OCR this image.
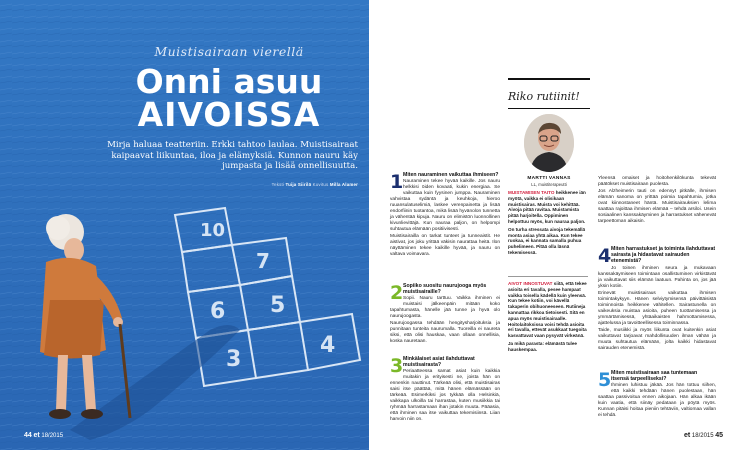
10
7
6 5
4
3
Muistisairaan vierellä
Onni asuu
AIVOISSA
Mirja haluaa teatteriin. Erkki tahtoo laulaa. Muistisairaat kaipaavat liikuntaa, iloa ja elämyksiä. Kunnon nauru käy jumpasta ja lisää onnellisuutta.
Teksti Tuija Siirilä Kuvitus Milla Alamer
44 et 18/2015
1 Miten nauraminen vaikuttaa ihmiseen?
Nauraminen tekee hyvää kaikille. Jos nauru helkkisi öiden kovaati, kukin energiaa. Se vaikuttaa kuin fyysinen jumppa. Nauraminen vahvistaa sydäntä ja keuhkoja, hieroo ruuansulatuselimiä, laskee verenpainetta ja lisää endorfiinin tuotantoa, mikä lisää hyvänolon tunnetta ja vähentää kipuja. Nauru on elimistön luonnollinen kivunlievittäjä. Kun nauraa paljon, on helpompi suhtautua elämään positiivisesti.
Muistisairailla on tarkat tunteet ja tunneaistit. He aistivat, jos joku yrittää väkisin naurattaa heitä. Ilon näyttäminen tekee kaikille hyvää, ja nauru on valtava voimavara.
2 Sopiiko suositu naurujooga myös muistisairaille?
Sopii. Nauru tarttuu. Vaikka ihminen ei muistaisi jälkeenpäin mitään koko tapahtumasta, hänelle jää tunne ja hyvä olo naurujoogasta.
Naurujoogassa tehdään hengitysharjoituksia ja punnitaan tunteita naurumalla. Tuoreilla ei naureta siksi, että olisi hauskaa, vaan ollaan onnellisia, koska nauretaan.
3 Minkälaiset asiat ilahduttavat muistisairasta?
Periaatteessa samat asiat kuin kaikkia muitakin ja erityisesti ne, joista hän on ennenkin nauttinut. Tärkeää olisi, että muistisairas saisi itse päättää, mitä hänen elämässään on tärkeää. Esimerkiksi jos tykkää olla Helsinkiä, vaikkapa ulkoilla tai harrastaa, kuten musiikkia tai ryhmää harrastamaan ihan jotakin muuta. Pääasia, että ihminen saa itse vaikuttaa tekemisiinsä. Liian harvoin niin on.
Riko rutiinit!
MARTTI VANNAS
LL, muistiterapeutti

MUISTAMISEN TAITO heikkenee iän myötä, vaikka ei olisikaan muistisairas. Muista voi kehittää. Aivoja pitää ravitaa. Muistamista pitää harjoitella. Oppiminen helpottuu myös, kun nauraa paljon.

On turha stressata aivoja tekemällä monta asiaa yhtä aikaa. Kun tekee ruokaa, ei kannata samalla puhua puhelimeen. Pitää olla läsnä tekemisessä.

AIVOT INNOSTUVAT siitä, että tekee asioita eri tavalla, pesee hampaat vaikka toisella kädellä kuin yleensä. Kun tekee kotiin, voi kävellä takaperin obihuoneeseen. Rutiineja kannattaa rikkoa tietoisesti. Sitä en apua myös muistisairaalle. Hoitolaitoksissa voisi tehdä asioita eri tavalla, ettevät asukkaat tuegoita kasvattavat vaan pysyvät virkeänä.

Ja mikä parasta: elämästä tulee hauskempaa.

Yleensä omaiset ja hoitohenkilökunta tekevät päätökset muistisairaan puolesta.
Jos Alzheimerin tauti on edennyt pitkälle, ihmisen elämän sanoma on yrittää poimia tapahtumia, jotka ovat kiinnostaneet häntä. Muistisairauksien lelima saattaa rajoittaa ihmisen elämää – tehdä arsiloi. Usein sosiaalinen kanssakäyminen ja harrastukset vähenevät tarpeettoman aikaisin.
4 Miten harrastukset ja toiminta ilahduttavat sairasta ja hidastavat sairauden etenemistä?
Jo toinen ihminen seura ja mukavaan kanssakäymiseen toimintaan osallistuminen virkistävät ja vaikuttavat siis elämän laatuun. Pahinta on, jos jää yksin kotiin.
Erinevät muistisairaus vaikuttaa ihmisen toimintakykyyn. Hänen selviytymisensä päivittäisistä toiminnoista heikkenee vähitellen. Sairastunella on vaikeuksia muistaa asioita, puheen tuottamisessa ja ymmärtämisessä, yhtäaikaisten hahmottamisessa, ajattelussa ja tavoitteellisessa toiminnassa.
Taide, musiikki ja myös liikunta ovat kuitenkin asiat vaikuttavat tarjoavat mahdollisuuden ilman vähän ja muuta suhtautua elämään, jolta kaikki hidastavat sairauden etenemistä.
5 Miten muistisairaan saa tuntemaan itsensä tarpeelliseksi?
Ihminen luhistuu jäkää. Jos hän tottuu siihen, että kaikki tehdään hänen puolestaan, hän saattaa passivoitua ennen aikojaan. Hän alkaa ikään kuin vaatia, että siinäy pedataan ja pöytä myös. Kunnan pitäisi hoitaa pieniin tehtäviin, valtiomaa vallan ei tehdä.
et 18/2015 45
